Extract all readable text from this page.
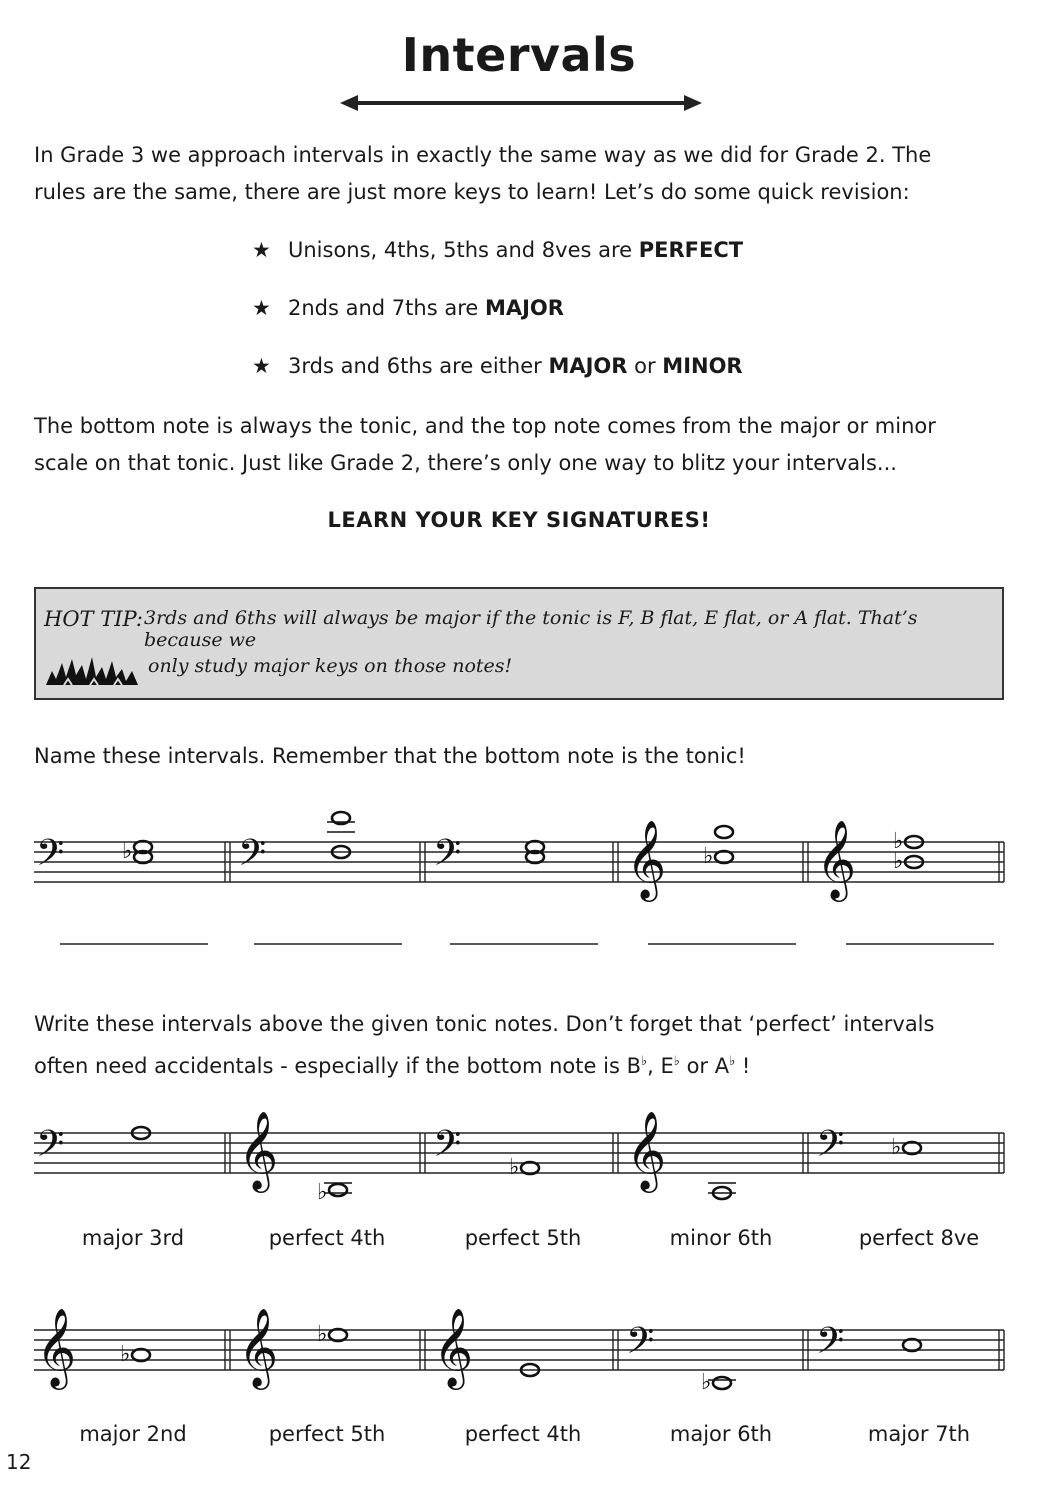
Intervals
In Grade 3 we approach intervals in exactly the same way as we did for Grade 2. The
rules are the same, there are just more keys to learn! Let’s do some quick revision:
★ Unisons, 4ths, 5ths and 8ves are PERFECT
★ 2nds and 7ths are MAJOR
★ 3rds and 6ths are either MAJOR or MINOR
The bottom note is always the tonic, and the top note comes from the major or minor
scale on that tonic. Just like Grade 2, there’s only one way to blitz your intervals...
LEARN YOUR KEY SIGNATURES!
HOT TIP: 3rds and 6ths will always be major if the tonic is F, B flat, E flat, or A flat. That’s because we
only study major keys on those notes!
Name these intervals. Remember that the bottom note is the tonic!
𝄢	𝄢	𝄢 𝄞 𝄞
♭	♭	♭
♭
𝄢	𝄞	𝄢 𝄞	𝄢
♭
♭
♭
𝄞 𝄞 𝄞	𝄢	𝄢
♭
♭
♭
Write these intervals above the given tonic notes. Don’t forget that ‘perfect’ intervals
often need accidentals - especially if the bottom note is B♭, E♭ or A♭ !
major 3rd	perfect 4th	perfect 5th	minor 6th	perfect 8ve
major 2nd	perfect 5th	perfect 4th	major 6th	major 7th
12
